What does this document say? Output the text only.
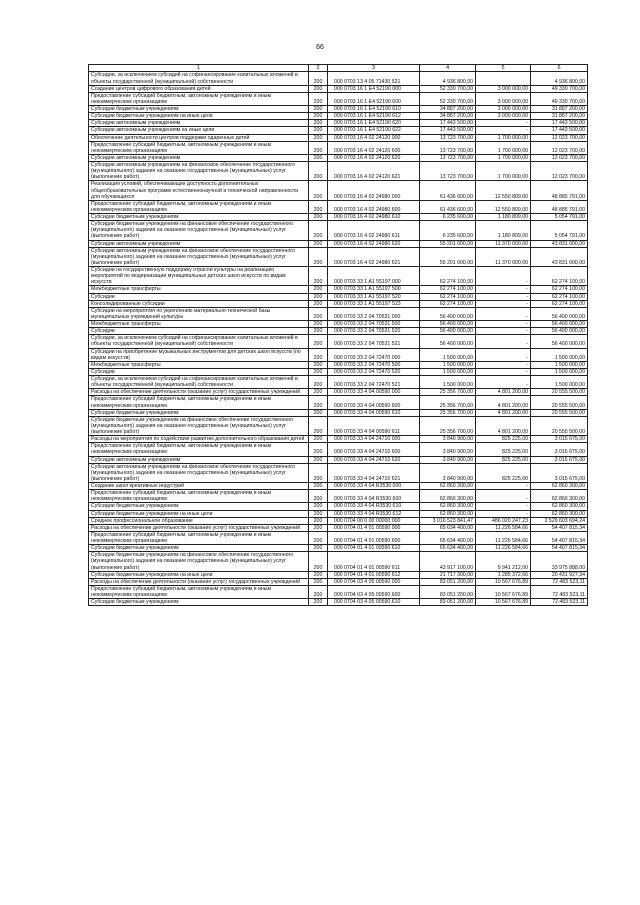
66
1	2	3	4	5	6
Субсидии, за исключением субсидий на софинансирование капитальных вложений в объекты государственной (муниципальной) собственности	200	000 0703 13 4 05 71430 521	4 936 800,00		4 936 800,00
Создание центров цифрового образования детей	200	000 0703 16 1 E4 52190 000	52 330 700,00	3 000 000,00	49 330 700,00
Предоставление субсидий бюджетным, автономным учреждениям и иным некоммерческим организациям	200	000 0703 16 1 E4 52190 600	52 330 700,00	3 000 000,00	49 330 700,00
Субсидии бюджетным учреждениям	200	000 0703 16 1 E4 52190 610	34 887 200,00	3 000 000,00	31 887 200,00
Субсидии бюджетным учреждениям на иные цели	200	000 0703 16 1 E4 52190 612	34 887 200,00	3 000 000,00	31 887 200,00
Субсидии автономным учреждениям	200	000 0703 16 1 E4 52190 620	17 443 500,00	-	17 443 500,00
Субсидии автономным учреждениям на иные цели	200	000 0703 16 1 E4 52190 622	17 443 500,00	-	17 443 500,00
Обеспечение деятельности центров поддержки одаренных детей	200	000 0703 16 4 02 24120 000	13 723 700,00	1 700 000,00	12 023 700,00
Предоставление субсидий бюджетным, автономным учреждениям и иным некоммерческим организациям	200	000 0703 16 4 02 24120 600	13 723 700,00	1 700 000,00	12 023 700,00
Субсидии автономным учреждениям	200	000 0703 16 4 02 24120 620	13 723 700,00	1 700 000,00	12 023 700,00
Субсидии автономным учреждениям на финансовое обеспечение государственного (муниципального) задания на оказание государственных (муниципальных) услуг (выполнение работ)	200	000 0703 16 4 02 24120 621	13 723 700,00	1 700 000,00	12 023 700,00
Реализация условий, обеспечивающих доступность дополнительных общеобразовательных программ естественнонаучной и технической направленности для обучающихся	200	000 0703 16 4 02 24980 000	61 436 600,00	12 550 809,00	48 885 791,00
Предоставление субсидий бюджетным, автономным учреждениям и иным некоммерческим организациям	200	000 0703 16 4 02 24980 600	61 436 600,00	12 550 809,00	48 885 791,00
Субсидии бюджетным учреждениям	200	000 0703 16 4 02 24980 610	6 235 600,00	1 180 809,00	5 054 791,00
Субсидии бюджетным учреждениям на финансовое обеспечение государственного (муниципального) задания на оказание государственных (муниципальных) услуг (выполнение работ)	200	000 0703 16 4 02 24980 611	6 235 600,00	1 180 809,00	5 054 791,00
Субсидии автономным учреждениям	200	000 0703 16 4 02 24980 620	55 201 000,00	11 370 000,00	43 831 000,00
Субсидии автономным учреждениям на финансовое обеспечение государственного (муниципального) задания на оказание государственных (муниципальных) услуг (выполнение работ)	200	000 0703 16 4 02 24980 621	55 201 000,00	11 370 000,00	43 831 000,00
Субсидии на государственную поддержку отрасли культуры на реализацию мероприятий по модернизации муниципальных детских школ искусств по видам искусств	200	000 0703 33 1 A1 55197 000	62 274 100,00	-	62 274 100,00
Межбюджетные трансферты	200	000 0703 33 1 A1 55197 500	62 274 100,00	-	62 274 100,00
Субсидии	200	000 0703 33 1 A1 55197 520	62 274 100,00	-	62 274 100,00
Консолидированные субсидии	200	000 0703 33 1 A1 55197 523	62 274 100,00	-	62 274 100,00
Субсидии на мероприятия по укреплению материально-технической базы муниципальных учреждений культуры	200	000 0703 33 2 04 70531 000	56 400 000,00	-	56 400 000,00
Межбюджетные трансферты	200	000 0703 33 2 04 70531 500	56 400 000,00	-	56 400 000,00
Субсидии	200	000 0703 33 2 04 70531 520	56 400 000,00	-	56 400 000,00
Субсидии, за исключением субсидий на софинансирование капитальных вложений в объекты государственной (муниципальной) собственности	200	000 0703 33 2 04 70531 521	56 400 000,00	-	56 400 000,00
Субсидии на приобретение музыкальных инструментов для детских школ искусств (по видам искусств)	200	000 0703 33 2 04 72470 000	1 500 000,00	-	1 500 000,00
Межбюджетные трансферты	200	000 0703 33 2 04 72470 500	1 500 000,00	-	1 500 000,00
Субсидии	200	000 0703 33 2 04 72470 520	1 500 000,00	-	1 500 000,00
Субсидии, за исключением субсидий на софинансирование капитальных вложений в объекты государственной (муниципальной) собственности	200	000 0703 33 2 04 72470 521	1 500 000,00	-	1 500 000,00
Расходы на обеспечение деятельности (оказание услуг) государственных учреждений	200	000 0703 33 4 04 00590 000	25 356 700,00	4 801 200,00	20 555 500,00
Предоставление субсидий бюджетным, автономным учреждениям и иным некоммерческим организациям	200	000 0703 33 4 04 00590 600	25 356 700,00	4 801 200,00	20 555 500,00
Субсидии бюджетным учреждениям	200	000 0703 33 4 04 00590 610	25 356 700,00	4 801 200,00	20 555 500,00
Субсидии бюджетным учреждениям на финансовое обеспечение государственного (муниципального) задания на оказание государственных (муниципальных) услуг (выполнение работ)	200	000 0703 33 4 04 00590 611	25 356 700,00	4 801 200,00	20 555 500,00
Расходы на мероприятия по содействию развитию дополнительного образования детей	200	000 0703 33 4 04 24710 000	3 840 900,00	825 225,00	3 015 675,00
Предоставление субсидий бюджетным, автономным учреждениям и иным некоммерческим организациям	200	000 0703 33 4 04 24710 600	3 840 900,00	825 225,00	3 015 675,00
Субсидии автономным учреждениям	200	000 0703 33 4 04 24710 620	3 840 900,00	825 225,00	3 015 675,00
Субсидии автономным учреждениям на финансовое обеспечение государственного (муниципального) задания на оказание государственных (муниципальных) услуг (выполнение работ)	200	000 0703 33 4 04 24710 621	3 840 900,00	825 225,00	3 015 675,00
Создание школ креативных индустрий	200	000 0703 33 4 04 R3530 000	62 860 300,00	-	62 860 300,00
Предоставление субсидий бюджетным, автономным учреждениям и иным некоммерческим организациям	200	000 0703 33 4 04 R3530 600	62 860 300,00	-	62 860 300,00
Субсидии бюджетным учреждениям	200	000 0703 33 4 04 R3530 610	62 860 300,00	-	62 860 300,00
Субсидии бюджетным учреждениям на иные цели	200	000 0703 33 4 04 R3530 612	62 860 300,00	-	62 860 300,00
Среднее профессиональное образование	200	000 0704 00 0 00 00000 000	3 016 523 841,47	486 020 247,23	2 529 603 694,24
Расходы на обеспечение деятельности (оказание услуг) государственных учреждений	200	000 0704 01 4 01 00590 000	65 634 400,00	11 226 584,66	54 407 815,34
Предоставление субсидий бюджетным, автономным учреждениям и иным некоммерческим организациям	200	000 0704 01 4 01 00590 600	65 634 400,00	11 226 584,66	54 407 815,34
Субсидии бюджетным учреждениям	200	000 0704 01 4 01 00590 610	65 634 400,00	11 226 584,66	54 407 815,34
Субсидии бюджетным учреждениям на финансовое обеспечение государственного (муниципального) задания на оказание государственных (муниципальных) услуг (выполнение работ)	200	000 0704 01 4 01 00590 611	43 917 100,00	9 941 212,00	33 975 888,00
Субсидии бюджетным учреждениям на иные цели	200	000 0704 01 4 01 00590 612	21 717 300,00	1 285 372,66	20 431 927,34
Расходы на обеспечение деятельности (оказание услуг) государственных учреждений	200	000 0704 03 4 05 00590 000	83 051 200,00	10 567 676,89	72 483 523,11
Предоставление субсидий бюджетным, автономным учреждениям и иным некоммерческим организациям	200	000 0704 03 4 05 00590 600	83 051 200,00	10 567 676,89	72 483 523,11
Субсидии бюджетным учреждениям	200	000 0704 03 4 05 00590 610	83 051 200,00	10 567 676,89	72 483 523,11
